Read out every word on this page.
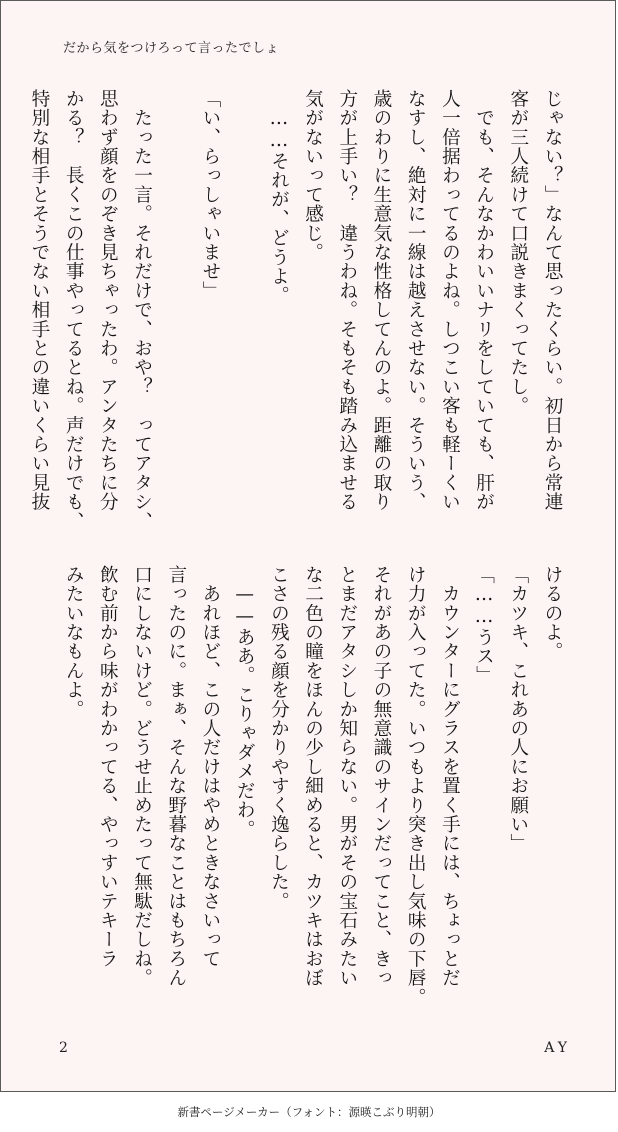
だから気をつけろって言ったでしょ

じゃない？」なんて思ったくらい。初日から常連

客が三人続けて口説きまくってたし。

　でも、そんなかわいいナリをしていても、肝が

人一倍据わってるのよね。しつこい客も軽ーくい

なすし、絶対に一線は越えさせない。そういう、

歳のわりに生意気な性格してんのよ。距離の取り

方が上手い？　違うわね。そもそも踏み込ませる

気がないって感じ。

　……それが、どうよ。

「い、らっしゃいませ」

　たった一言。それだけで、おや？　ってアタシ、

思わず顔をのぞき見ちゃったわ。アンタたちに分

かる？　長くこの仕事やってるとね。声だけでも、

特別な相手とそうでない相手との違いくらい見抜

けるのよ。

「カツキ、これあの人にお願い」

「……うス」

　カウンターにグラスを置く手には、ちょっとだ

け力が入ってた。いつもより突き出し気味の下唇。

それがあの子の無意識のサインだってこと、きっ

とまだアタシしか知らない。男がその宝石みたい

な二色の瞳をほんの少し細めると、カツキはおぼ

こさの残る顔を分かりやすく逸らした。

　——ああ。こりゃダメだわ。

　あれほど、この人だけはやめときなさいって

言ったのに。まぁ、そんな野暮なことはもちろん

口にしないけど。どうせ止めたって無駄だしね。

飲む前から味がわかってる、やっすいテキーラ

みたいなもんよ。

2	AY
新書ページメーカー（フォント：源暎こぶり明朝）
